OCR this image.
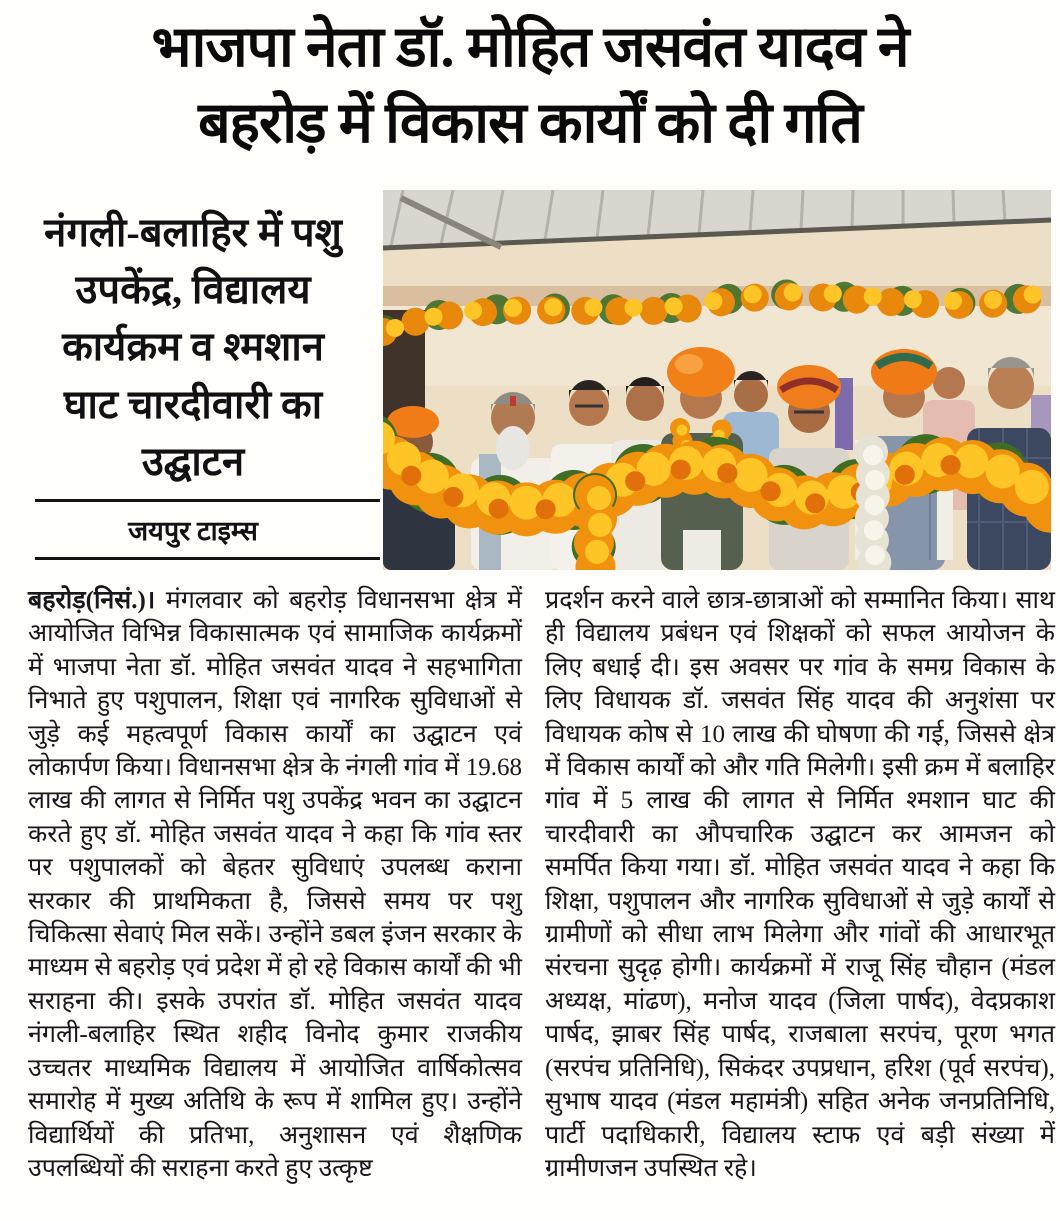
भाजपा नेता डॉ. मोहित जसवंत यादव ने
बहरोड़ में विकास कार्यों को दी गति
नंगली-बलाहिर में पशु
उपकेंद्र, विद्यालय
कार्यक्रम व श्मशान
घाट चारदीवारी का
उद्घाटन
जयपुर टाइम्स

बहरोड़(निसं.)। मंगलवार को बहरोड़ विधानसभा क्षेत्र में आयोजित विभिन्न विकासात्मक एवं सामाजिक कार्यक्रमों में भाजपा नेता डॉ. मोहित जसवंत यादव ने सहभागिता निभाते हुए पशुपालन, शिक्षा एवं नागरिक सुविधाओं से जुड़े कई महत्वपूर्ण विकास कार्यों का उद्घाटन एवं लोकार्पण किया। विधानसभा क्षेत्र के नंगली गांव में 19.68 लाख की लागत से निर्मित पशु उपकेंद्र भवन का उद्घाटन करते हुए डॉ. मोहित जसवंत यादव ने कहा कि गांव स्तर पर पशुपालकों को बेहतर सुविधाएं उपलब्ध कराना सरकार की प्राथमिकता है, जिससे समय पर पशु चिकित्सा सेवाएं मिल सकें। उन्होंने डबल इंजन सरकार के माध्यम से बहरोड़ एवं प्रदेश में हो रहे विकास कार्यों की भी सराहना की। इसके उपरांत डॉ. मोहित जसवंत यादव नंगली-बलाहिर स्थित शहीद विनोद कुमार राजकीय उच्चतर माध्यमिक विद्यालय में आयोजित वार्षिकोत्सव समारोह में मुख्य अतिथि के रूप में शामिल हुए। उन्होंने विद्यार्थियों की प्रतिभा, अनुशासन एवं शैक्षणिक उपलब्धियों की सराहना करते हुए उत्कृष्ट

प्रदर्शन करने वाले छात्र-छात्राओं को सम्मानित किया। साथ ही विद्यालय प्रबंधन एवं शिक्षकों को सफल आयोजन के लिए बधाई दी। इस अवसर पर गांव के समग्र विकास के लिए विधायक डॉ. जसवंत सिंह यादव की अनुशंसा पर विधायक कोष से 10 लाख की घोषणा की गई, जिससे क्षेत्र में विकास कार्यों को और गति मिलेगी। इसी क्रम में बलाहिर गांव में 5 लाख की लागत से निर्मित श्मशान घाट की चारदीवारी का औपचारिक उद्घाटन कर आमजन को समर्पित किया गया। डॉ. मोहित जसवंत यादव ने कहा कि शिक्षा, पशुपालन और नागरिक सुविधाओं से जुड़े कार्यों से ग्रामीणों को सीधा लाभ मिलेगा और गांवों की आधारभूत संरचना सुदृढ़ होगी। कार्यक्रमों में राजू सिंह चौहान (मंडल अध्यक्ष, मांढण), मनोज यादव (जिला पार्षद), वेदप्रकाश पार्षद, झाबर सिंह पार्षद, राजबाला सरपंच, पूरण भगत (सरपंच प्रतिनिधि), सिकंदर उपप्रधान, हरिश (पूर्व सरपंच), सुभाष यादव (मंडल महामंत्री) सहित अनेक जनप्रतिनिधि, पार्टी पदाधिकारी, विद्यालय स्टाफ एवं बड़ी संख्या में ग्रामीणजन उपस्थित रहे।
